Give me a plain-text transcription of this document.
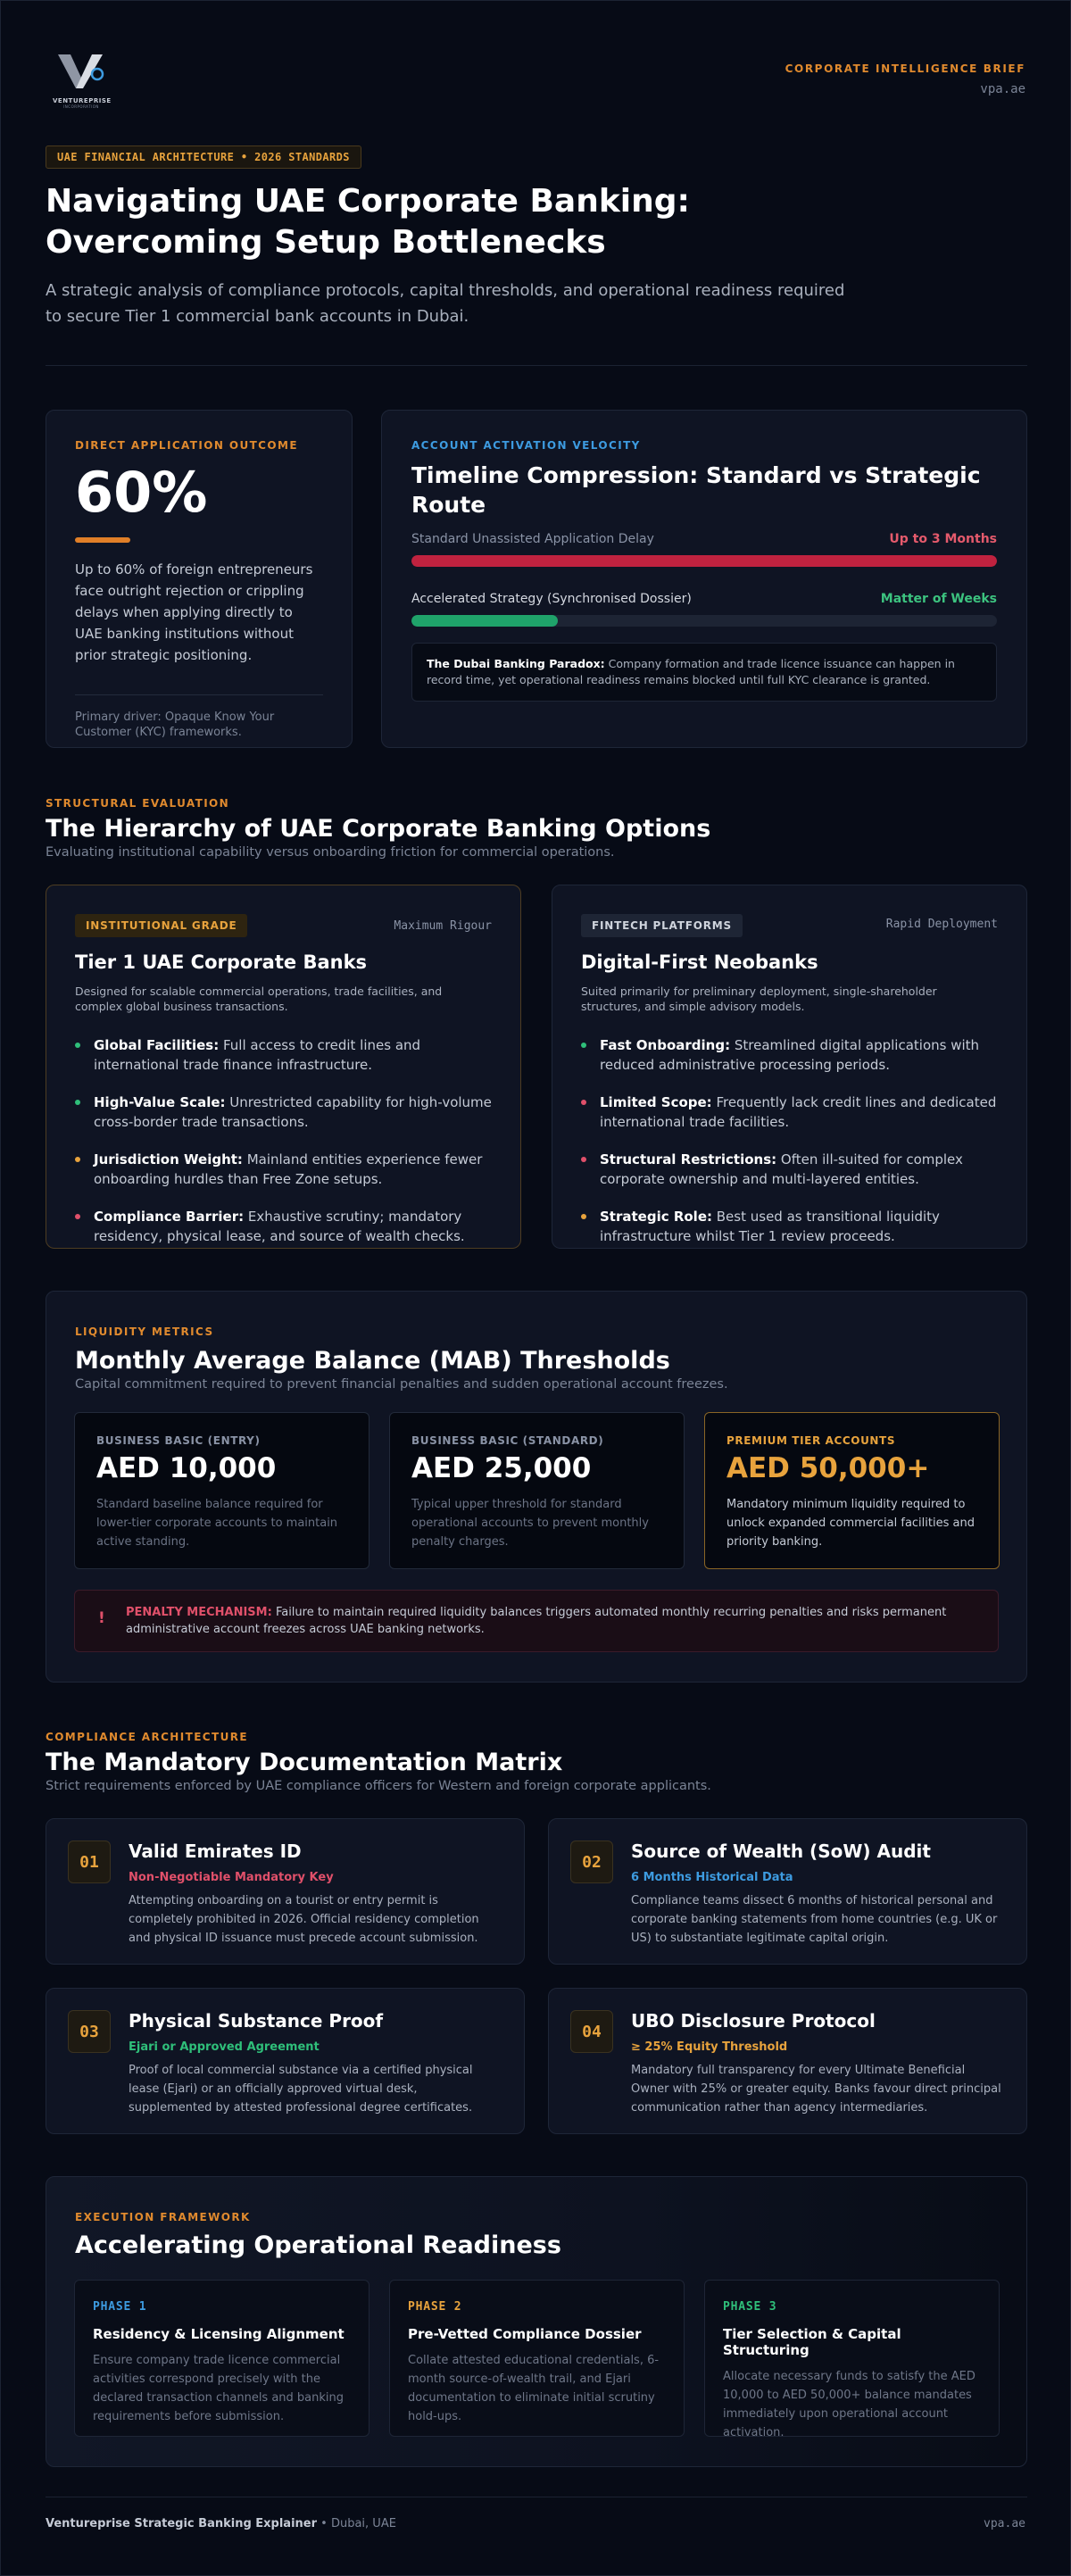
VENTUREPRISE
INCORPORATION
CORPORATE INTELLIGENCE BRIEF
vpa.ae
UAE FINANCIAL ARCHITECTURE • 2026 STANDARDS
Navigating UAE Corporate Banking:
Overcoming Setup Bottlenecks

A strategic analysis of compliance protocols, capital thresholds, and operational readiness required
to secure Tier 1 commercial bank accounts in Dubai.

DIRECT APPLICATION OUTCOME
60%

Up to 60% of foreign entrepreneurs face outright rejection or crippling delays when applying directly to UAE banking institutions without prior strategic positioning.

Primary driver: Opaque Know Your Customer (KYC) frameworks.

ACCOUNT ACTIVATION VELOCITY
Timeline Compression: Standard vs Strategic
Route
Standard Unassisted Application Delay	Up to 3 Months
Accelerated Strategy (Synchronised Dossier)	Matter of Weeks
The Dubai Banking Paradox: Company formation and trade licence issuance can happen in record time, yet operational readiness remains blocked until full KYC clearance is granted.
STRUCTURAL EVALUATION
The Hierarchy of UAE Corporate Banking Options
Evaluating institutional capability versus onboarding friction for commercial operations.
INSTITUTIONAL GRADE	Maximum Rigour
Tier 1 UAE Corporate Banks

Designed for scalable commercial operations, trade facilities, and complex global business transactions.

Global Facilities: Full access to credit lines and international trade finance infrastructure.
High-Value Scale: Unrestricted capability for high-volume cross-border trade transactions.
Jurisdiction Weight: Mainland entities experience fewer onboarding hurdles than Free Zone setups.
Compliance Barrier: Exhaustive scrutiny; mandatory residency, physical lease, and source of wealth checks.
FINTECH PLATFORMS	Rapid Deployment
Digital-First Neobanks

Suited primarily for preliminary deployment, single-shareholder structures, and simple advisory models.

Fast Onboarding: Streamlined digital applications with reduced administrative processing periods.
Limited Scope: Frequently lack credit lines and dedicated international trade facilities.
Structural Restrictions: Often ill-suited for complex corporate ownership and multi-layered entities.
Strategic Role: Best used as transitional liquidity infrastructure whilst Tier 1 review proceeds.
LIQUIDITY METRICS
Monthly Average Balance (MAB) Thresholds
Capital commitment required to prevent financial penalties and sudden operational account freezes.
BUSINESS BASIC (ENTRY)
AED 10,000
Standard baseline balance required for lower-tier corporate accounts to maintain active standing.
BUSINESS BASIC (STANDARD)
AED 25,000
Typical upper threshold for standard operational accounts to prevent monthly penalty charges.
PREMIUM TIER ACCOUNTS
AED 50,000+
Mandatory minimum liquidity required to unlock expanded commercial facilities and priority banking.
! PENALTY MECHANISM: Failure to maintain required liquidity balances triggers automated monthly recurring penalties and risks permanent administrative account freezes across UAE banking networks.
COMPLIANCE ARCHITECTURE
The Mandatory Documentation Matrix
Strict requirements enforced by UAE compliance officers for Western and foreign corporate applicants.
01	Valid Emirates ID
Non-Negotiable Mandatory Key
Attempting onboarding on a tourist or entry permit is completely prohibited in 2026. Official residency completion and physical ID issuance must precede account submission.
02	Source of Wealth (SoW) Audit
6 Months Historical Data
Compliance teams dissect 6 months of historical personal and corporate banking statements from home countries (e.g. UK or US) to substantiate legitimate capital origin.
03	Physical Substance Proof
Ejari or Approved Agreement
Proof of local commercial substance via a certified physical lease (Ejari) or an officially approved virtual desk, supplemented by attested professional degree certificates.
04	UBO Disclosure Protocol
≥ 25% Equity Threshold
Mandatory full transparency for every Ultimate Beneficial Owner with 25% or greater equity. Banks favour direct principal communication rather than agency intermediaries.
EXECUTION FRAMEWORK
Accelerating Operational Readiness
PHASE 1
Residency & Licensing Alignment
Ensure company trade licence commercial activities correspond precisely with the declared transaction channels and banking requirements before submission.
PHASE 2
Pre-Vetted Compliance Dossier
Collate attested educational credentials, 6-month source-of-wealth trail, and Ejari documentation to eliminate initial scrutiny hold-ups.
PHASE 3
Tier Selection & Capital Structuring
Allocate necessary funds to satisfy the AED 10,000 to AED 50,000+ balance mandates immediately upon operational account activation.
Ventureprise Strategic Banking Explainer • Dubai, UAE	vpa.ae
